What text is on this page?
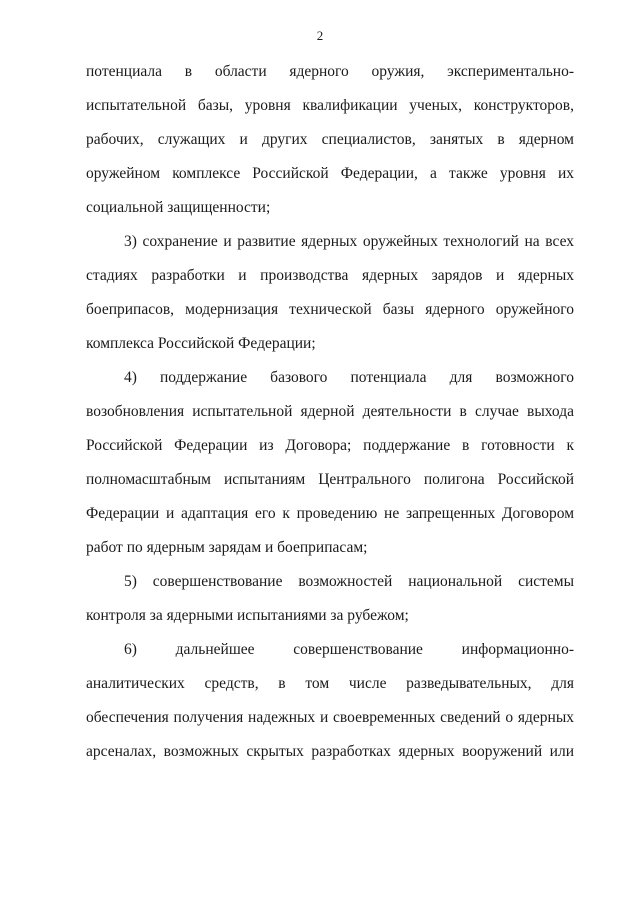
2
потенциала в области ядерного оружия, экспериментально-
испытательной базы, уровня квалификации ученых, конструкторов,
рабочих, служащих и других специалистов, занятых в ядерном
оружейном комплексе Российской Федерации, а также уровня их
социальной защищенности;
3) сохранение и развитие ядерных оружейных технологий на всех
стадиях разработки и производства ядерных зарядов и ядерных
боеприпасов, модернизация технической базы ядерного оружейного
комплекса Российской Федерации;
4) поддержание базового потенциала для возможного
возобновления испытательной ядерной деятельности в случае выхода
Российской Федерации из Договора; поддержание в готовности к
полномасштабным испытаниям Центрального полигона Российской
Федерации и адаптация его к проведению не запрещенных Договором
работ по ядерным зарядам и боеприпасам;
5) совершенствование возможностей национальной системы
контроля за ядерными испытаниями за рубежом;
6) дальнейшее совершенствование информационно-
аналитических средств, в том числе разведывательных, для
обеспечения получения надежных и своевременных сведений о ядерных
арсеналах, возможных скрытых разработках ядерных вооружений или
